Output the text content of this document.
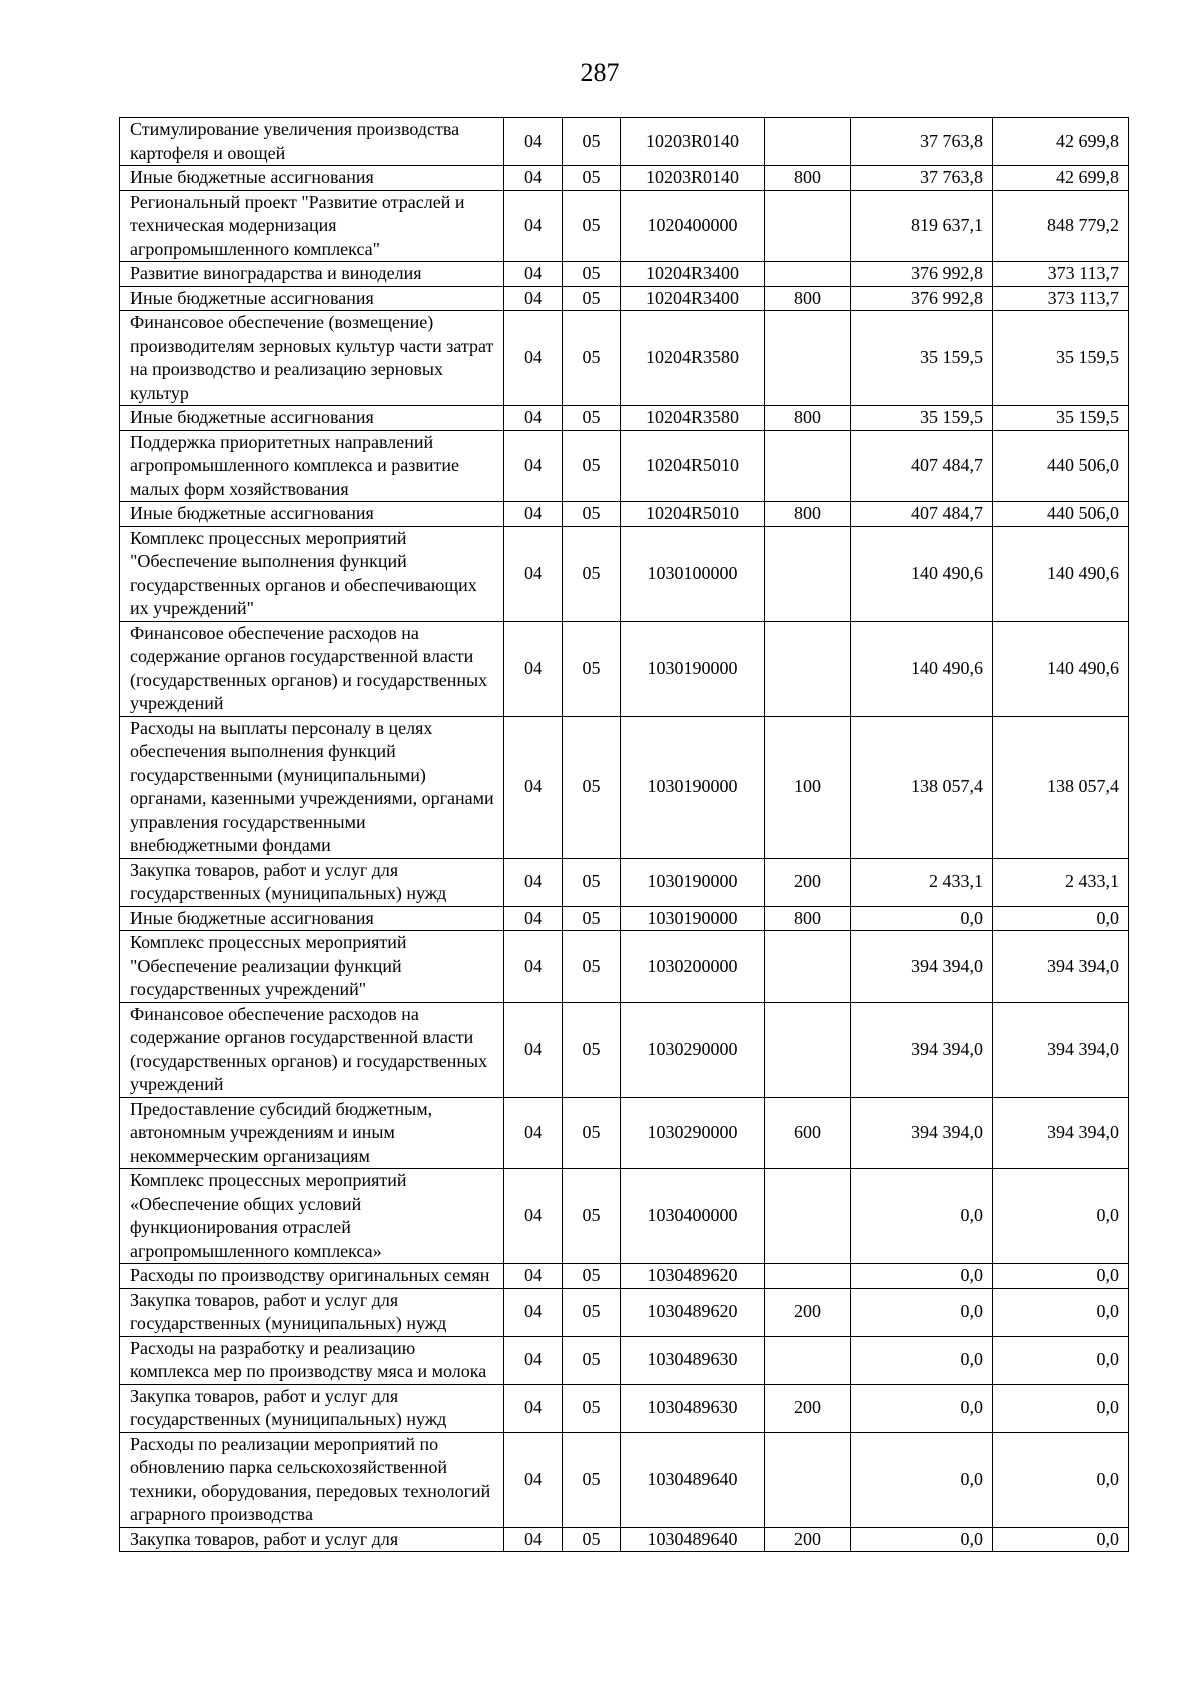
287
Стимулирование увеличения производства картофеля и овощей	04	05	10203R0140		37 763,8	42 699,8
Иные бюджетные ассигнования	04	05	10203R0140	800	37 763,8	42 699,8
Региональный проект "Развитие отраслей и техническая модернизация агропромышленного комплекса"	04	05	1020400000		819 637,1	848 779,2
Развитие виноградарства и виноделия	04	05	10204R3400		376 992,8	373 113,7
Иные бюджетные ассигнования	04	05	10204R3400	800	376 992,8	373 113,7
Финансовое обеспечение (возмещение) производителям зерновых культур части затрат на производство и реализацию зерновых культур	04	05	10204R3580		35 159,5	35 159,5
Иные бюджетные ассигнования	04	05	10204R3580	800	35 159,5	35 159,5
Поддержка приоритетных направлений агропромышленного комплекса и развитие малых форм хозяйствования	04	05	10204R5010		407 484,7	440 506,0
Иные бюджетные ассигнования	04	05	10204R5010	800	407 484,7	440 506,0
Комплекс процессных мероприятий "Обеспечение выполнения функций государственных органов и обеспечивающих их учреждений"	04	05	1030100000		140 490,6	140 490,6
Финансовое обеспечение расходов на содержание органов государственной власти (государственных органов) и государственных учреждений	04	05	1030190000		140 490,6	140 490,6
Расходы на выплаты персоналу в целях обеспечения выполнения функций государственными (муниципальными) органами, казенными учреждениями, органами управления государственными внебюджетными фондами	04	05	1030190000	100	138 057,4	138 057,4
Закупка товаров, работ и услуг для государственных (муниципальных) нужд	04	05	1030190000	200	2 433,1	2 433,1
Иные бюджетные ассигнования	04	05	1030190000	800	0,0	0,0
Комплекс процессных мероприятий "Обеспечение реализации функций государственных учреждений"	04	05	1030200000		394 394,0	394 394,0
Финансовое обеспечение расходов на содержание органов государственной власти (государственных органов) и государственных учреждений	04	05	1030290000		394 394,0	394 394,0
Предоставление субсидий бюджетным, автономным учреждениям и иным некоммерческим организациям	04	05	1030290000	600	394 394,0	394 394,0
Комплекс процессных мероприятий «Обеспечение общих условий функционирования отраслей агропромышленного комплекса»	04	05	1030400000		0,0	0,0
Расходы по производству оригинальных семян	04	05	1030489620		0,0	0,0
Закупка товаров, работ и услуг для государственных (муниципальных) нужд	04	05	1030489620	200	0,0	0,0
Расходы на разработку и реализацию комплекса мер по производству мяса и молока	04	05	1030489630		0,0	0,0
Закупка товаров, работ и услуг для государственных (муниципальных) нужд	04	05	1030489630	200	0,0	0,0
Расходы по реализации мероприятий по обновлению парка сельскохозяйственной техники, оборудования, передовых технологий аграрного производства	04	05	1030489640		0,0	0,0
Закупка товаров, работ и услуг для	04	05	1030489640	200	0,0	0,0
